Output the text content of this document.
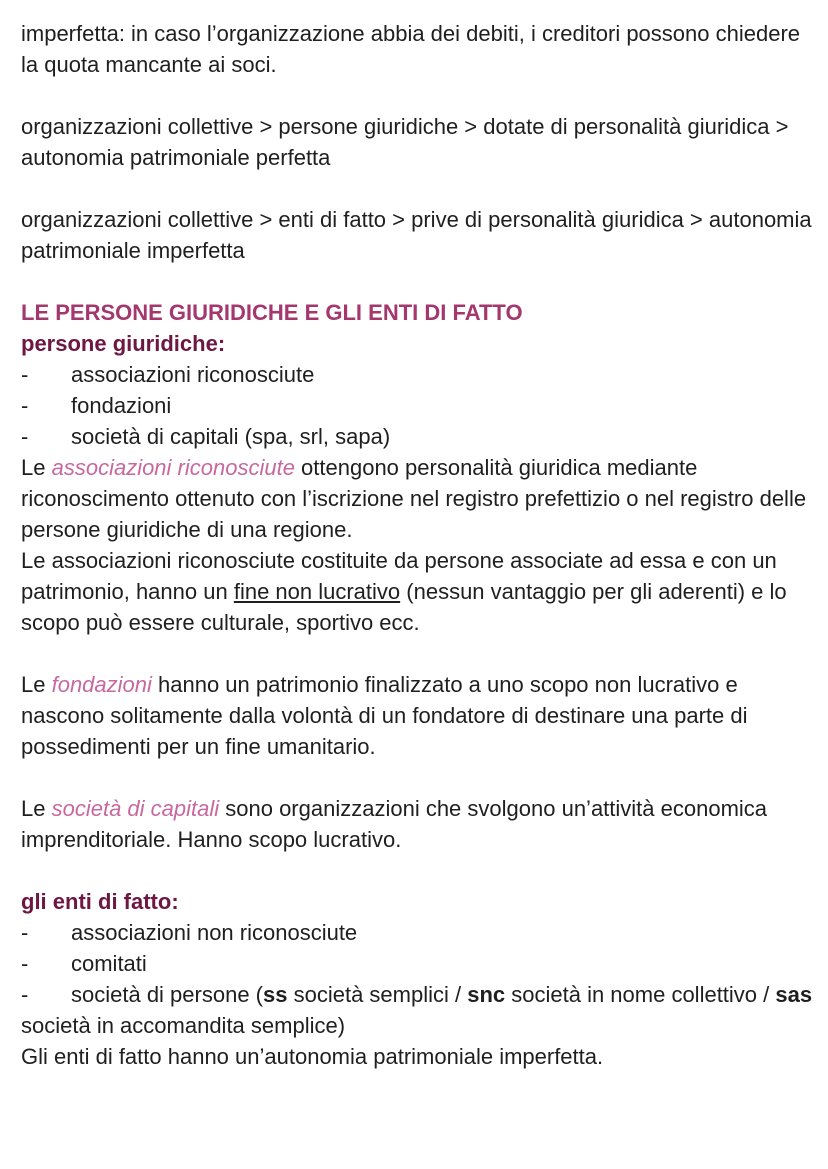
imperfetta: in caso l’organizzazione abbia dei debiti, i creditori possono chiedere la quota mancante ai soci.

organizzazioni collettive > persone giuridiche > dotate di personalità giuridica > autonomia patrimoniale perfetta

organizzazioni collettive > enti di fatto > prive di personalità giuridica > autonomia patrimoniale imperfetta

LE PERSONE GIURIDICHE E GLI ENTI DI FATTO

persone giuridiche:

- associazioni riconosciute
- fondazioni
- società di capitali (spa, srl, sapa)

Le associazioni riconosciute ottengono personalità giuridica mediante riconoscimento ottenuto con l’iscrizione nel registro prefettizio o nel registro delle persone giuridiche di una regione.

Le associazioni riconosciute costituite da persone associate ad essa e con un patrimonio, hanno un fine non lucrativo (nessun vantaggio per gli aderenti) e lo scopo può essere culturale, sportivo ecc.

Le fondazioni hanno un patrimonio finalizzato a uno scopo non lucrativo e nascono solitamente dalla volontà di un fondatore di destinare una parte di possedimenti per un fine umanitario.

Le società di capitali sono organizzazioni che svolgono un’attività economica imprenditoriale. Hanno scopo lucrativo.

gli enti di fatto:

- associazioni non riconosciute
- comitati

- società di persone (ss società semplici / snc società in nome collettivo / sas società in accomandita semplice)

Gli enti di fatto hanno un’autonomia patrimoniale imperfetta.
